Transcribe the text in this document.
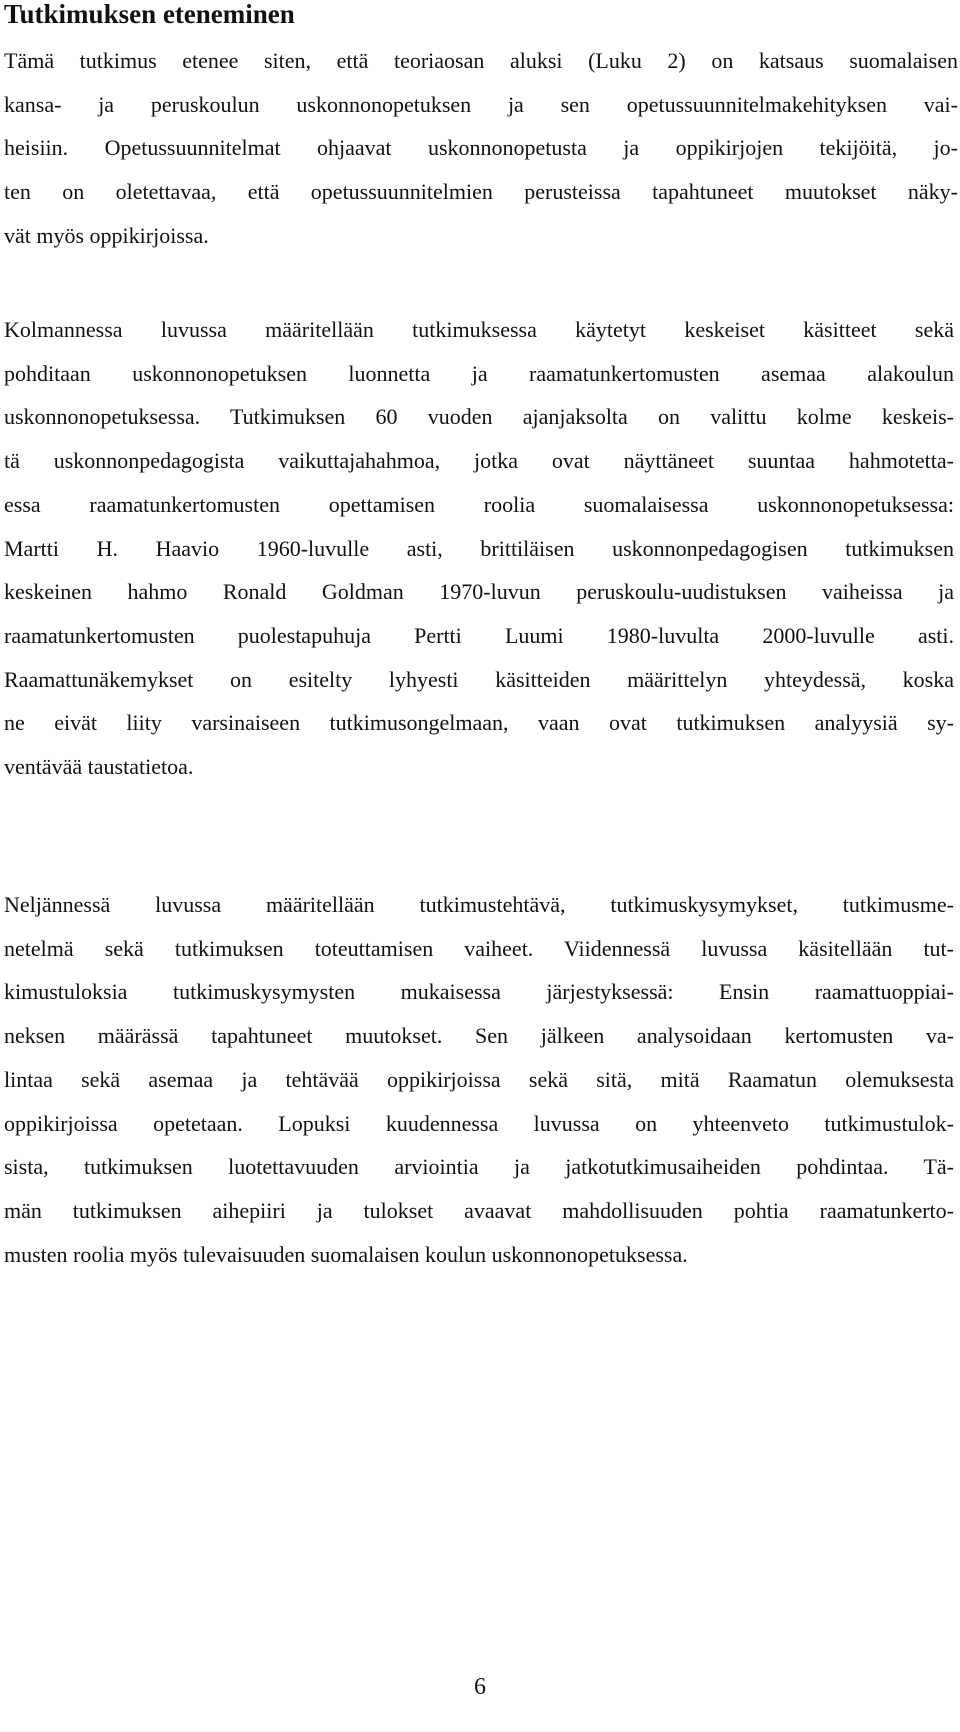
Tutkimuksen eteneminen

Tämä tutkimus etenee siten, että teoriaosan aluksi (Luku 2) on katsaus suomalaisen
kansa- ja peruskoulun uskonnonopetuksen ja sen opetussuunnitelmakehityksen vai-
heisiin. Opetussuunnitelmat ohjaavat uskonnonopetusta ja oppikirjojen tekijöitä, jo-
ten on oletettavaa, että opetussuunnitelmien perusteissa tapahtuneet muutokset näky-
vät myös oppikirjoissa.

Kolmannessa luvussa määritellään tutkimuksessa käytetyt keskeiset käsitteet sekä
pohditaan uskonnonopetuksen luonnetta ja raamatunkertomusten asemaa alakoulun
uskonnonopetuksessa. Tutkimuksen 60 vuoden ajanjaksolta on valittu kolme keskeis-
tä uskonnonpedagogista vaikuttajahahmoa, jotka ovat näyttäneet suuntaa hahmotetta-
essa raamatunkertomusten opettamisen roolia suomalaisessa uskonnonopetuksessa:
Martti H. Haavio 1960-luvulle asti, brittiläisen uskonnonpedagogisen tutkimuksen
keskeinen hahmo Ronald Goldman 1970-luvun peruskoulu-uudistuksen vaiheissa ja
raamatunkertomusten puolestapuhuja Pertti Luumi 1980-luvulta 2000-luvulle asti.
Raamattunäkemykset on esitelty lyhyesti käsitteiden määrittelyn yhteydessä, koska
ne eivät liity varsinaiseen tutkimusongelmaan, vaan ovat tutkimuksen analyysiä sy-
ventävää taustatietoa.

Neljännessä luvussa määritellään tutkimustehtävä, tutkimuskysymykset, tutkimusme-
netelmä sekä tutkimuksen toteuttamisen vaiheet. Viidennessä luvussa käsitellään tut-
kimustuloksia tutkimuskysymysten mukaisessa järjestyksessä: Ensin raamattuoppiai-
neksen määrässä tapahtuneet muutokset. Sen jälkeen analysoidaan kertomusten va-
lintaa sekä asemaa ja tehtävää oppikirjoissa sekä sitä, mitä Raamatun olemuksesta
oppikirjoissa opetetaan. Lopuksi kuudennessa luvussa on yhteenveto tutkimustulok-
sista, tutkimuksen luotettavuuden arviointia ja jatkotutkimusaiheiden pohdintaa. Tä-
män tutkimuksen aihepiiri ja tulokset avaavat mahdollisuuden pohtia raamatunkerto-
musten roolia myös tulevaisuuden suomalaisen koulun uskonnonopetuksessa.

6
